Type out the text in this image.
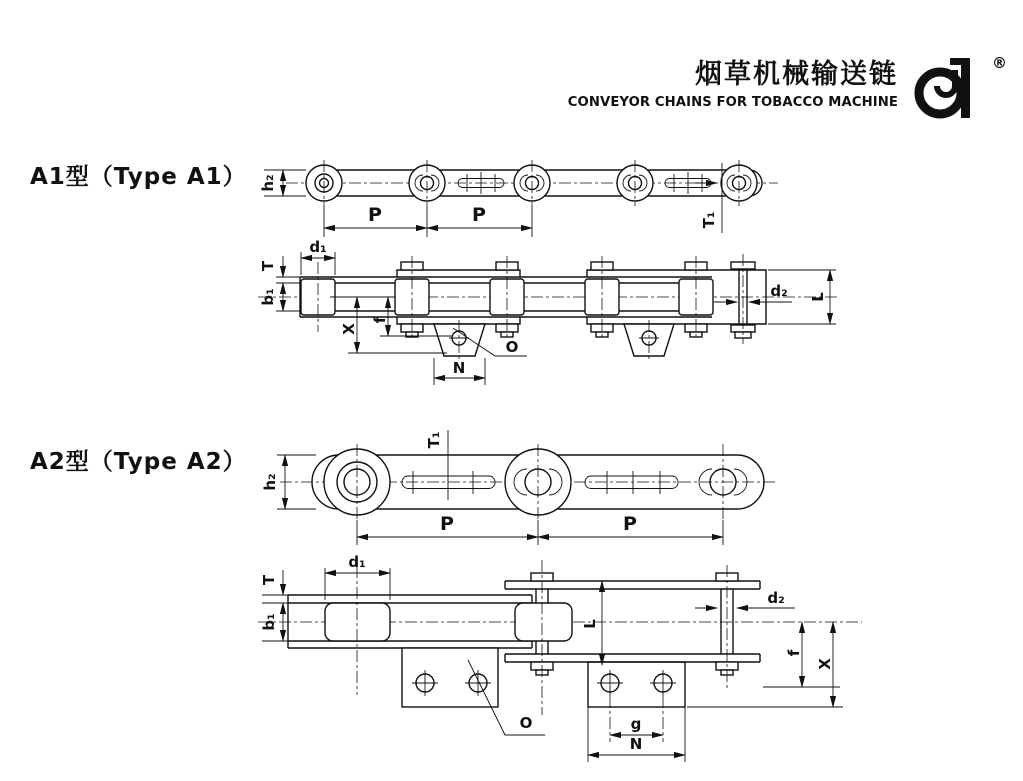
烟草机械输送链
CONVEYOR CHAINS FOR TOBACCO MACHINE
®
A1型（Type A1）
A2型（Type A2）
h₂
P	P	T₁
d₁
T
b₁
X
f
O
N
d₂ L
h₂
T₁
P	P
d₁
T
b₁	L
d₂
f
X
O	g
N
